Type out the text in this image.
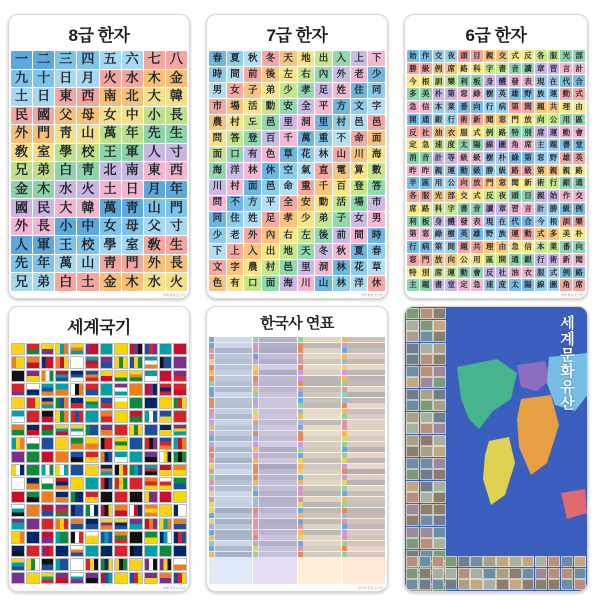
8급 한자
一 二 三 四 五 六 七 八
九 十 日 月 火 水 木 金
土 日 東 西 南 北 大 韓
民 國 父 母 女 中 小 長
外 門 靑 山 萬 年 先 生
敎 室 學 校 王 軍 人 寸
兄 弟 白 靑 北 南 東 西
金 木 水 火 土 日 月 年
國 民 大 韓 萬 靑 山 門
外 長 小 中 女 母 父 寸
人 軍 王 校 學 室 敎 生
先 年 萬 山 靑 門 外 長
兄 弟 白 土 金 木 水 火
한자 학습 포스터
7급 한자
春 夏 秋 冬 天 地 出 入 上 下
時 間 前 後 左 右 內 外 老 少
男 女 子 弟 少 孝 足 姓 住 同
市 場 活 動 安 全 平 方 文 字
農 村 도 邑 里 洞 里 村 邑 邑
問 答 登 百 千 萬 重 不 命 面
面 口 有 色 草 花 林 山 川 海
海 洋 林 休 空 氣 直 電 算 數
川 村 面 邑 命 重 千 百 登 答
問 不 方 平 全 安 動 活 場 市
同 住 姓 足 孝 少 弟 子 女 男
少 老 外 內 右 左 後 前 間 時
下 上 入 出 地 天 冬 秋 夏 春
文 字 農 村 邑 里 洞 林 花 草
色 有 口 面 海 川 山 林 洋 休
한자 학습 포스터
6급 한자
始 作 交 夜 頭 目 親 交 式 反 各 服 光 部
勝 級 例 席 路 科 字 書 音 讀 章 習 言 計
今 根 訓 樂 利 板 身 體 發 表 現 在 代 合
多 美 朴 第 窓 綠 樹 英 雄 野 族 運 動 式
急 信 本 業 番 向 行 病 第 間 題 共 理 由
開 通 銀 行 術 新 聞 窓 門 放 向 公 用 區
反 社 油 衣 服 式 例 路 特 別 席 運 動 會
定 急 速 度 太 陽 線 圖 角 席 主 題 書 堂
消 音 計 等 級 級 樹 朴 綠 第 窓 野 雄 英
昨 昨 親 運 動 級 勝 級 路 級 第 親 親 路
半 區 用 公 向 放 門 窓 聞 新 術 行 銀 通
各 服 光 部 交 式 反 夜 頭 目 親 始 作 交
席 路 科 字 書 音 讀 章 習 言 計 勝 級 例
利 板 身 體 發 表 現 在 代 合 今 根 訓 樂
第 窓 綠 樹 英 雄 野 族 運 動 式 多 美 朴
行 病 第 間 題 共 理 由 急 信 本 業 番 向
窓 門 放 向 公 用 區 開 通 銀 行 術 新 聞
特 別 席 運 動 會 反 社 油 衣 服 式 例 路
主 題 書 堂 定 急 速 度 太 陽 線 圖 角 席
한자 학습 포스터
세계국기
세계 국기 포스터
한국사 연표
한국사 연표 포스터
세계문화유산
